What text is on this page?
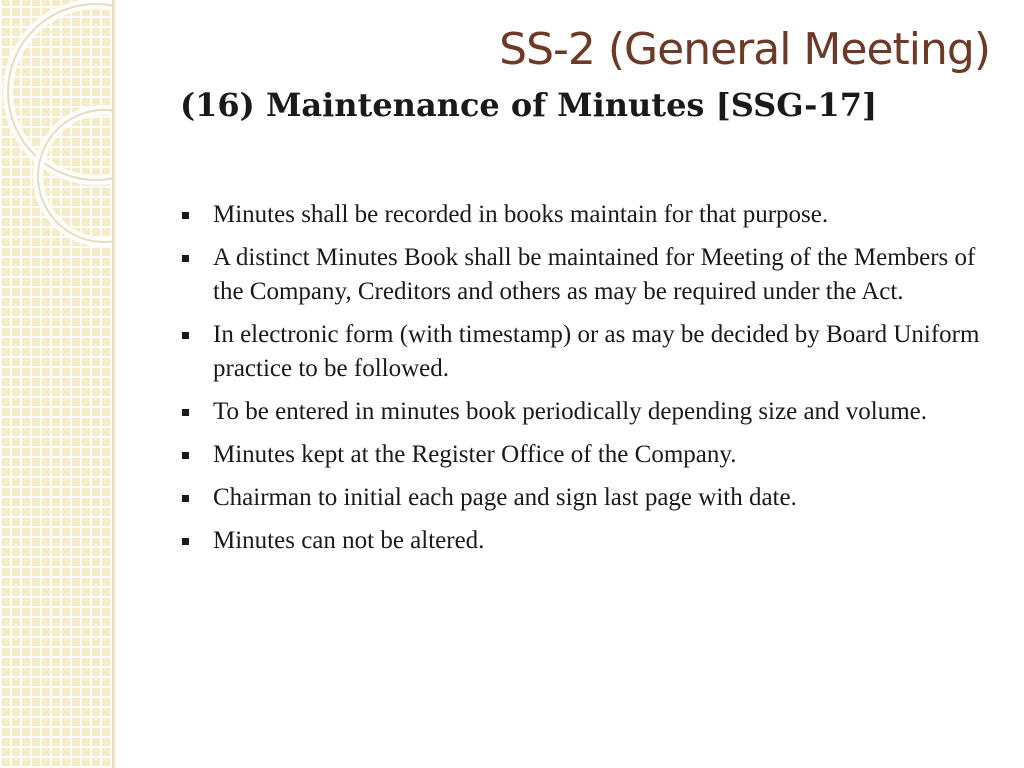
SS-2 (General Meeting)
(16) Maintenance of Minutes [SSG-17]
Minutes shall be recorded in books maintain for that purpose.
A distinct Minutes Book shall be maintained for Meeting of the Members of the Company, Creditors and others as may be required under the Act.
In electronic form (with timestamp) or as may be decided by Board Uniform practice to be followed.
To be entered in minutes book periodically depending size and volume.
Minutes kept at the Register Office of the Company.
Chairman to initial each page and sign last page with date.
Minutes can not be altered.
